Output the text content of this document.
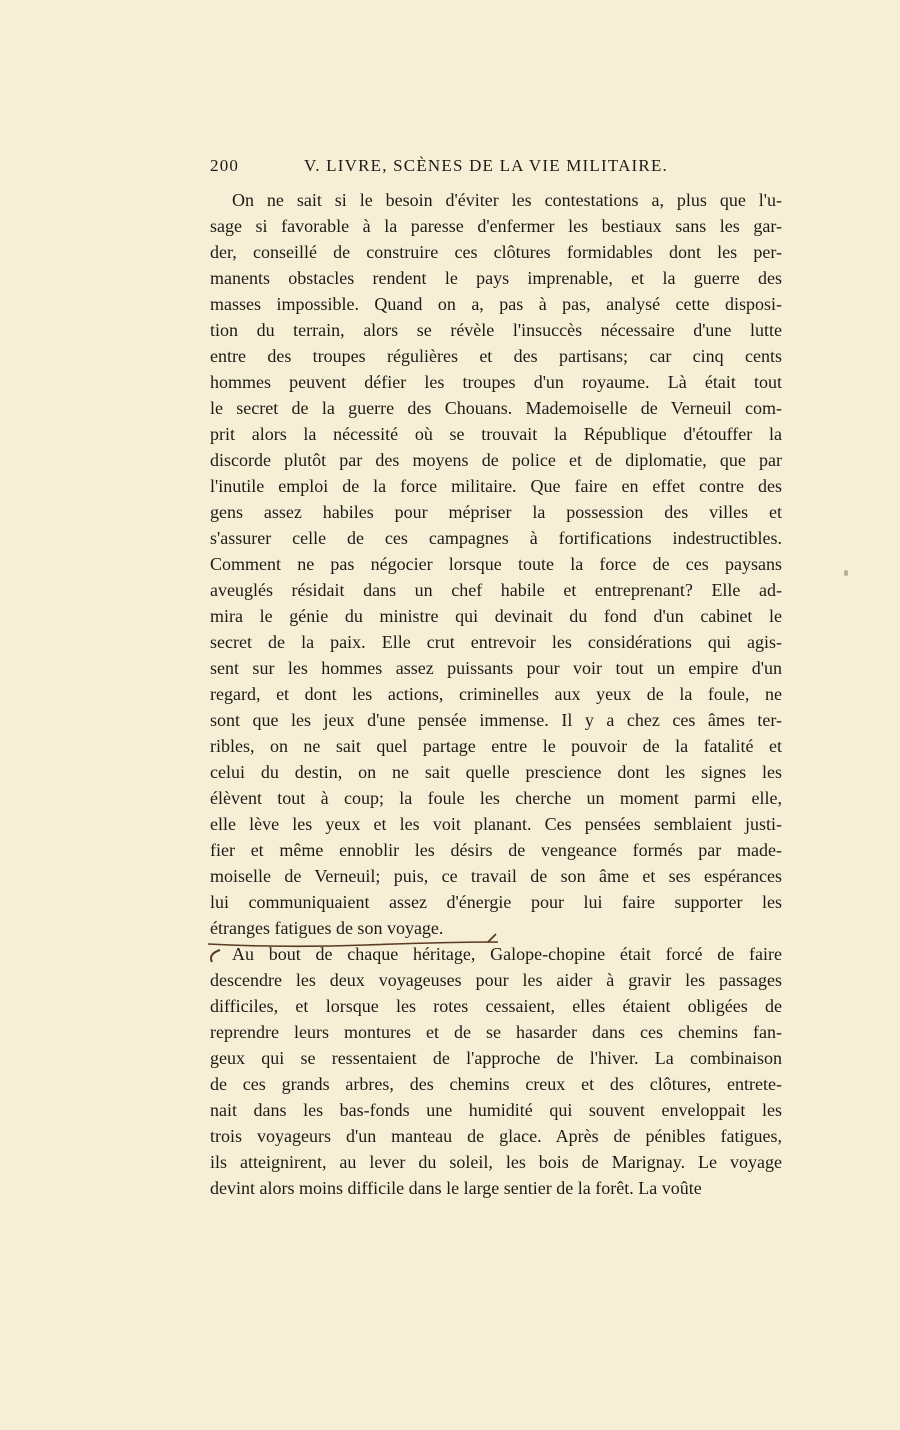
200	V. LIVRE, SCÈNES DE LA VIE MILITAIRE.
On ne sait si le besoin d'éviter les contestations a, plus que l'u-
sage si favorable à la paresse d'enfermer les bestiaux sans les gar-
der, conseillé de construire ces clôtures formidables dont les per-
manents obstacles rendent le pays imprenable, et la guerre des
masses impossible. Quand on a, pas à pas, analysé cette disposi-
tion du terrain, alors se révèle l'insuccès nécessaire d'une lutte
entre des troupes régulières et des partisans; car cinq cents
hommes peuvent défier les troupes d'un royaume. Là était tout
le secret de la guerre des Chouans. Mademoiselle de Verneuil com-
prit alors la nécessité où se trouvait la République d'étouffer la
discorde plutôt par des moyens de police et de diplomatie, que par
l'inutile emploi de la force militaire. Que faire en effet contre des
gens assez habiles pour mépriser la possession des villes et
s'assurer celle de ces campagnes à fortifications indestructibles.
Comment ne pas négocier lorsque toute la force de ces paysans
aveuglés résidait dans un chef habile et entreprenant? Elle ad-
mira le génie du ministre qui devinait du fond d'un cabinet le
secret de la paix. Elle crut entrevoir les considérations qui agis-
sent sur les hommes assez puissants pour voir tout un empire d'un
regard, et dont les actions, criminelles aux yeux de la foule, ne
sont que les jeux d'une pensée immense. Il y a chez ces âmes ter-
ribles, on ne sait quel partage entre le pouvoir de la fatalité et
celui du destin, on ne sait quelle prescience dont les signes les
élèvent tout à coup; la foule les cherche un moment parmi elle,
elle lève les yeux et les voit planant. Ces pensées semblaient justi-
fier et même ennoblir les désirs de vengeance formés par made-
moiselle de Verneuil; puis, ce travail de son âme et ses espérances
lui communiquaient assez d'énergie pour lui faire supporter les
étranges fatigues de son voyage.
Au bout de chaque héritage, Galope-chopine était forcé de faire
descendre les deux voyageuses pour les aider à gravir les passages
difficiles, et lorsque les rotes cessaient, elles étaient obligées de
reprendre leurs montures et de se hasarder dans ces chemins fan-
geux qui se ressentaient de l'approche de l'hiver. La combinaison
de ces grands arbres, des chemins creux et des clôtures, entrete-
nait dans les bas-fonds une humidité qui souvent enveloppait les
trois voyageurs d'un manteau de glace. Après de pénibles fatigues,
ils atteignirent, au lever du soleil, les bois de Marignay. Le voyage
devint alors moins difficile dans le large sentier de la forêt. La voûte
